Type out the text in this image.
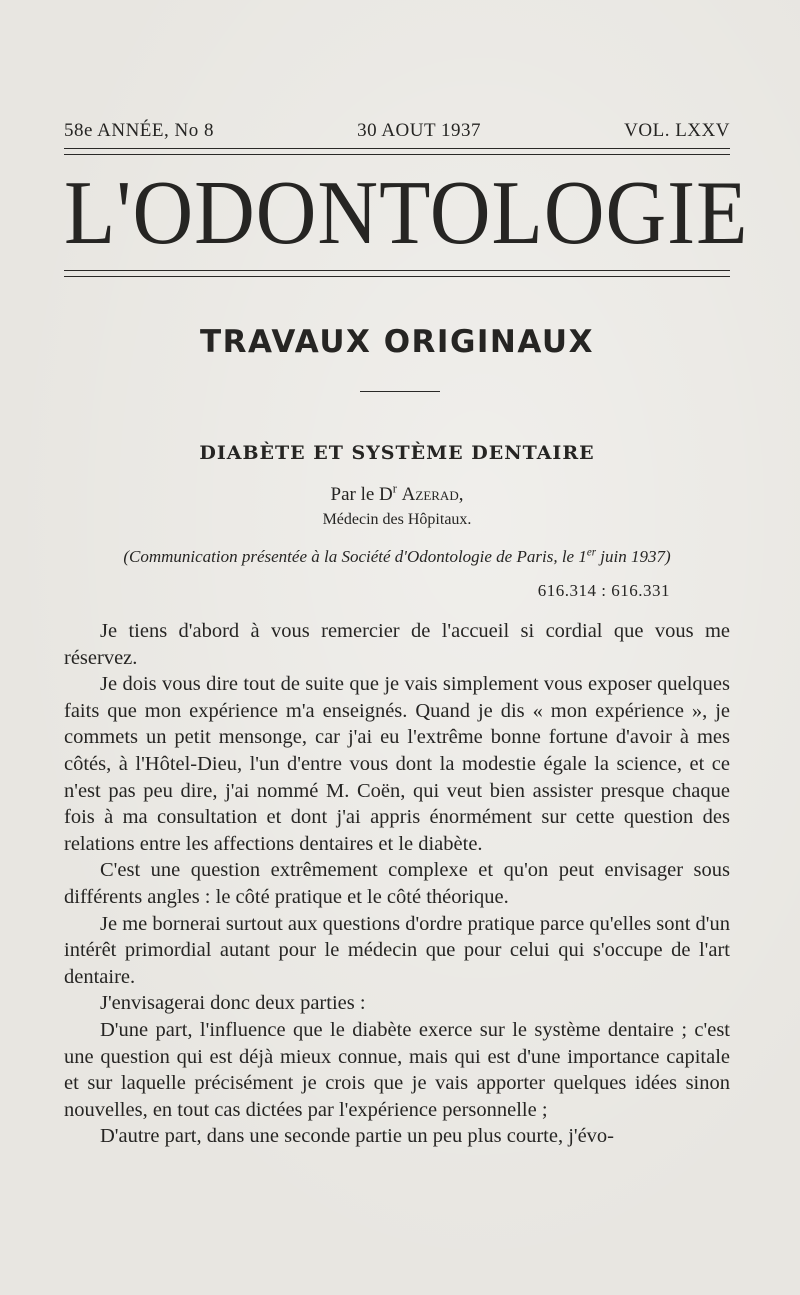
58e ANNÉE, No 8	30 AOUT 1937	VOL. LXXV
L'ODONTOLOGIE
TRAVAUX ORIGINAUX
DIABÈTE ET SYSTÈME DENTAIRE
Par le $D^r$ Azerad,
Médecin des Hôpitaux.
(Communication présentée à la Société d'Odontologie de Paris, le 1er juin 1937)
616.314 : 616.331

Je tiens d'abord à vous remercier de l'accueil si cordial que vous me réservez.

Je dois vous dire tout de suite que je vais simplement vous exposer quelques faits que mon expérience m'a enseignés. Quand je dis « mon expérience », je commets un petit mensonge, car j'ai eu l'extrême bonne fortune d'avoir à mes côtés, à l'Hôtel-Dieu, l'un d'entre vous dont la modestie égale la science, et ce n'est pas peu dire, j'ai nommé M. Coën, qui veut bien assister presque chaque fois à ma consultation et dont j'ai appris énormément sur cette question des relations entre les affections dentaires et le diabète.

C'est une question extrêmement complexe et qu'on peut envisager sous différents angles : le côté pratique et le côté théorique.

Je me bornerai surtout aux questions d'ordre pratique parce qu'elles sont d'un intérêt primordial autant pour le médecin que pour celui qui s'occupe de l'art dentaire.

J'envisagerai donc deux parties :

D'une part, l'influence que le diabète exerce sur le système dentaire ; c'est une question qui est déjà mieux connue, mais qui est d'une importance capitale et sur laquelle précisément je crois que je vais apporter quelques idées sinon nouvelles, en tout cas dictées par l'expérience personnelle ;

D'autre part, dans une seconde partie un peu plus courte, j'évo-
